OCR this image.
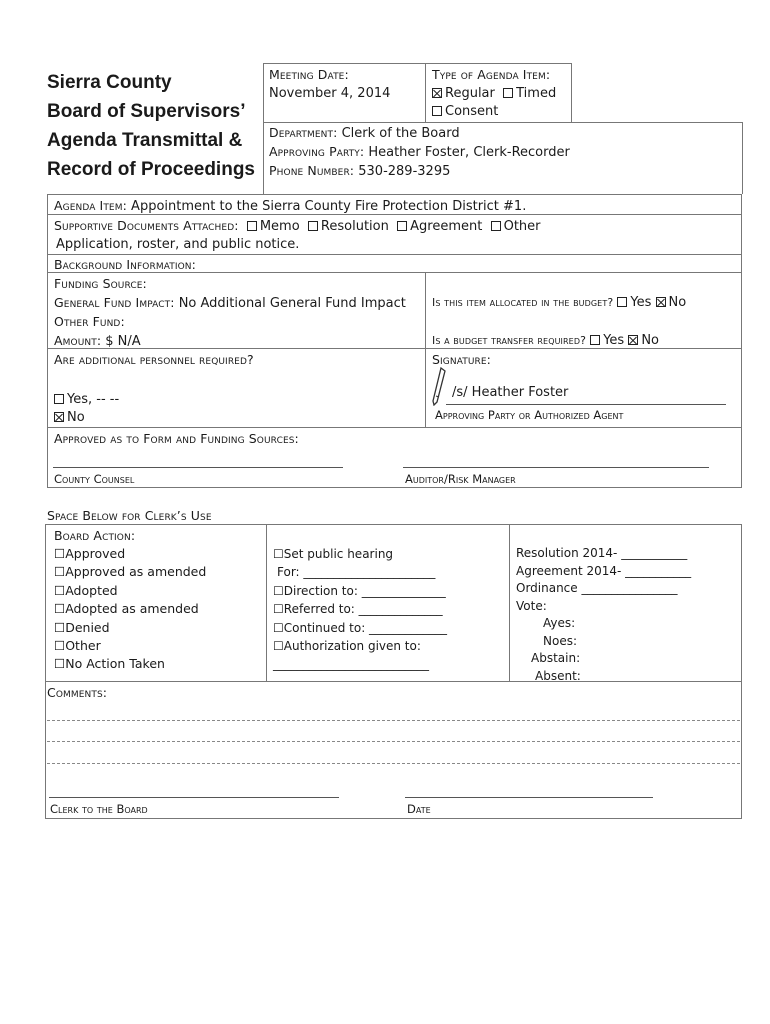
Sierra County
Board of Supervisors’
Agenda Transmittal &
Record of Proceedings
Meeting Date:
November 4, 2014
Type of Agenda Item:
Regular Timed
Consent
Department: Clerk of the Board
Approving Party: Heather Foster, Clerk-Recorder
Phone Number: 530-289-3295
Agenda Item: Appointment to the Sierra County Fire Protection District #1.
Supportive Documents Attached: Memo Resolution Agreement Other
Application, roster, and public notice.
Background Information:
Funding Source:
General Fund Impact: No Additional General Fund Impact
Other Fund:
Amount: $ N/A
Is this item allocated in the budget? Yes No
Is a budget transfer required? Yes No
Are additional personnel required?
Yes, -- --
No
Signature:
/s/ Heather Foster
Approving Party or Authorized Agent
Approved as to Form and Funding Sources:
County Counsel	Auditor/Risk Manager
Space Below for Clerk’s Use
Board Action:
☐Approved
☐Approved as amended
☐Adopted
☐Adopted as amended
☐Denied
☐Other
☐No Action Taken
☐Set public hearing
For: ______________________
☐Direction to: ______________
☐Referred to: ______________
☐Continued to: _____________
☐Authorization given to:
__________________________
Resolution 2014- ___________
Agreement 2014- ___________
Ordinance ________________
Vote:
Ayes:
Noes:
Abstain:
Absent:
Comments:
Clerk to the Board	Date
